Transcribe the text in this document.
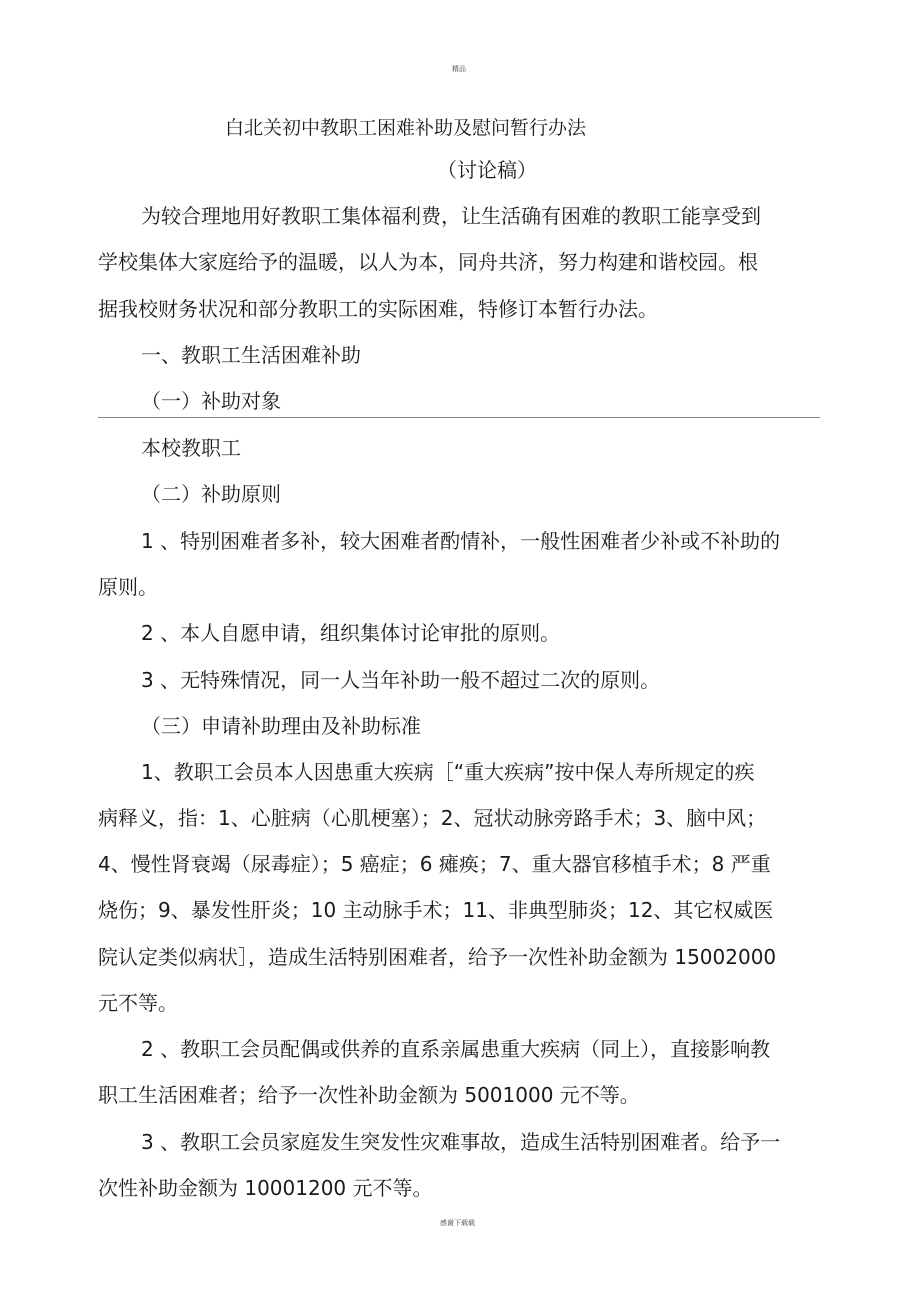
精品
白北关初中教职工困难补助及慰问暂行办法
（讨论稿）
为较合理地用好教职工集体福利费，让生活确有困难的教职工能享受到
学校集体大家庭给予的温暖，以人为本，同舟共济，努力构建和谐校园。根
据我校财务状况和部分教职工的实际困难，特修订本暂行办法。
一、教职工生活困难补助
（一）补助对象
本校教职工
（二）补助原则
1 、特别困难者多补，较大困难者酌情补，一般性困难者少补或不补助的
原则。
2 、本人自愿申请，组织集体讨论审批的原则。
3 、无特殊情况，同一人当年补助一般不超过二次的原则。
（三）申请补助理由及补助标准
1、教职工会员本人因患重大疾病［“重大疾病”按中保人寿所规定的疾
病释义，指：1、心脏病（心肌梗塞）；2、冠状动脉旁路手术；3、脑中风；
4、慢性肾衰竭（尿毒症）；5 癌症；6 瘫痪；7、重大器官移植手术；8 严重
烧伤；9、暴发性肝炎；10 主动脉手术；11、非典型肺炎；12、其它权威医
院认定类似病状］，造成生活特别困难者，给予一次性补助金额为 15002000
元不等。
2 、教职工会员配偶或供养的直系亲属患重大疾病（同上），直接影响教
职工生活困难者；给予一次性补助金额为 5001000 元不等。
3 、教职工会员家庭发生突发性灾难事故，造成生活特别困难者。给予一
次性补助金额为 10001200 元不等。
感谢下载载
